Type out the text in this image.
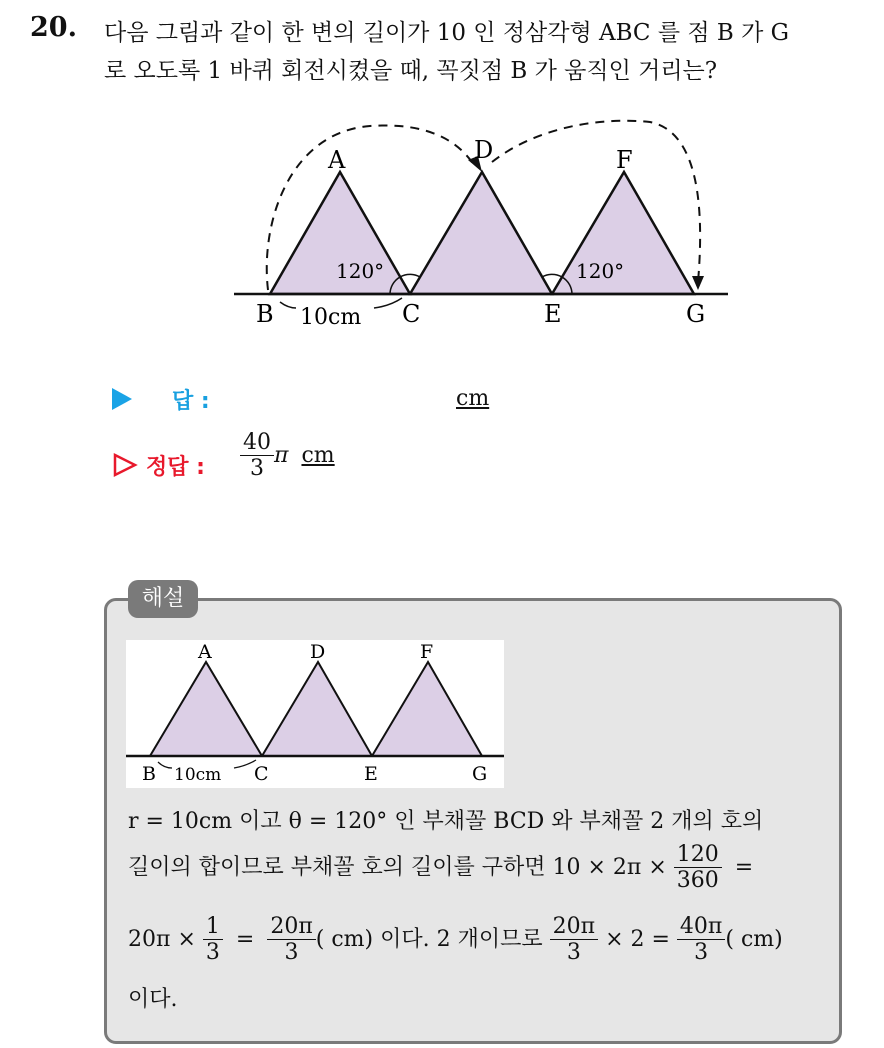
20. 다음 그림과 같이 한 변의 길이가 10 인 정삼각형 ABC 를 점 B 가 G
로 오도록 1 바퀴 회전시켰을 때, 꼭짓점 B 가 움직인 거리는?
A	D	F
B	C	E	G
120°	120°
10cm
답 :	cm
정답 : $\frac{40}{3}$ π cm
해설
A	D	F
B	C	E	G
10cm
r = 10cm 이고 θ = 120° 인 부채꼴 BCD 와 부채꼴 2 개의 호의
길이의 합이므로 부채꼴 호의 길이를 구하면 $10 \times 2\pi \times \frac{120}{360}$ =
$20\pi \times \frac{1}{3} = \frac{20\pi}{3}$ ( cm) 이다. 2 개이므로 $\frac{20\pi}{3} \times 2 = \frac{40\pi}{3}$ ( cm)
이다.
